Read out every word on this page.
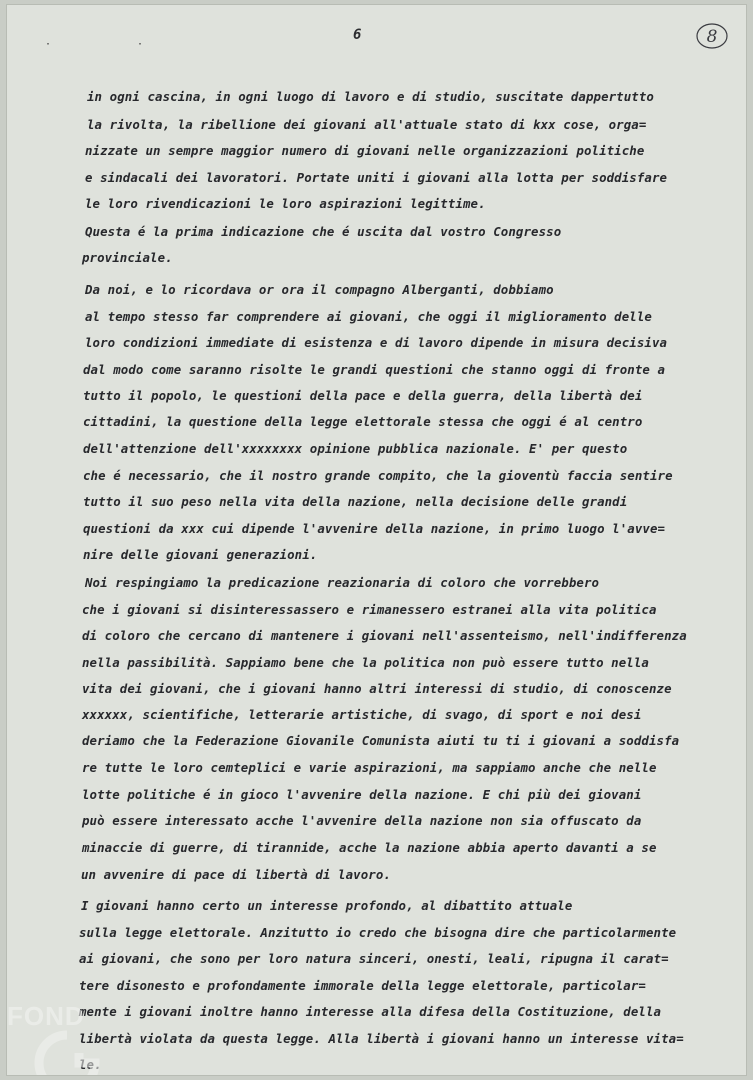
· ·
6	8
in ogni cascina, in ogni luogo di lavoro e di studio, suscitate dappertutto
la rivolta, la ribellione dei giovani all'attuale stato di kxx cose, orga=
nizzate un sempre maggior numero di giovani nelle organizzazioni politiche
e sindacali dei lavoratori. Portate uniti i giovani alla lotta per soddisfare
le loro rivendicazioni le loro aspirazioni legittime.
Questa é la prima indicazione che é uscita dal vostro Congresso
provinciale.
Da noi, e lo ricordava or ora il compagno Alberganti, dobbiamo
al tempo stesso far comprendere ai giovani, che oggi il miglioramento delle
loro condizioni immediate di esistenza e di lavoro dipende in misura decisiva
dal modo come saranno risolte le grandi questioni che stanno oggi di fronte a
tutto il popolo, le questioni della pace e della guerra, della libertà dei
cittadini, la questione della legge elettorale stessa che oggi é al centro
dell'attenzione dell'xxxxxxxx opinione pubblica nazionale. E' per questo
che é necessario, che il nostro grande compito, che la gioventù faccia sentire
tutto il suo peso nella vita della nazione, nella decisione delle grandi
questioni da xxx cui dipende l'avvenire della nazione, in primo luogo l'avve=
nire delle giovani generazioni.
Noi respingiamo la predicazione reazionaria di coloro che vorrebbero
che i giovani si disinteressassero e rimanessero estranei alla vita politica
di coloro che cercano di mantenere i giovani nell'assenteismo, nell'indifferenza
nella passibilità. Sappiamo bene che la politica non può essere tutto nella
vita dei giovani, che i giovani hanno altri interessi di studio, di conoscenze
xxxxxx, scientifiche, letterarie artistiche, di svago, di sport e noi desi
deriamo che la Federazione Giovanile Comunista aiuti tu ti i giovani a soddisfa
re tutte le loro cemteplici e varie aspirazioni, ma sappiamo anche che nelle
lotte politiche é in gioco l'avvenire della nazione. E chi più dei giovani
può essere interessato acche l'avvenire della nazione non sia offuscato da
minaccie di guerre, di tirannide, acche la nazione abbia aperto davanti a se
un avvenire di pace di libertà di lavoro.
I giovani hanno certo un interesse profondo, al dibattito attuale
sulla legge elettorale. Anzitutto io credo che bisogna dire che particolarmente
ai giovani, che sono per loro natura sinceri, onesti, leali, ripugna il carat=
tere disonesto e profondamente immorale della legge elettorale, particolar=
mente i giovani inoltre hanno interesse alla difesa della Costituzione, della
libertà violata da questa legge. Alla libertà i giovani hanno un interesse vita=
le.
FOND
